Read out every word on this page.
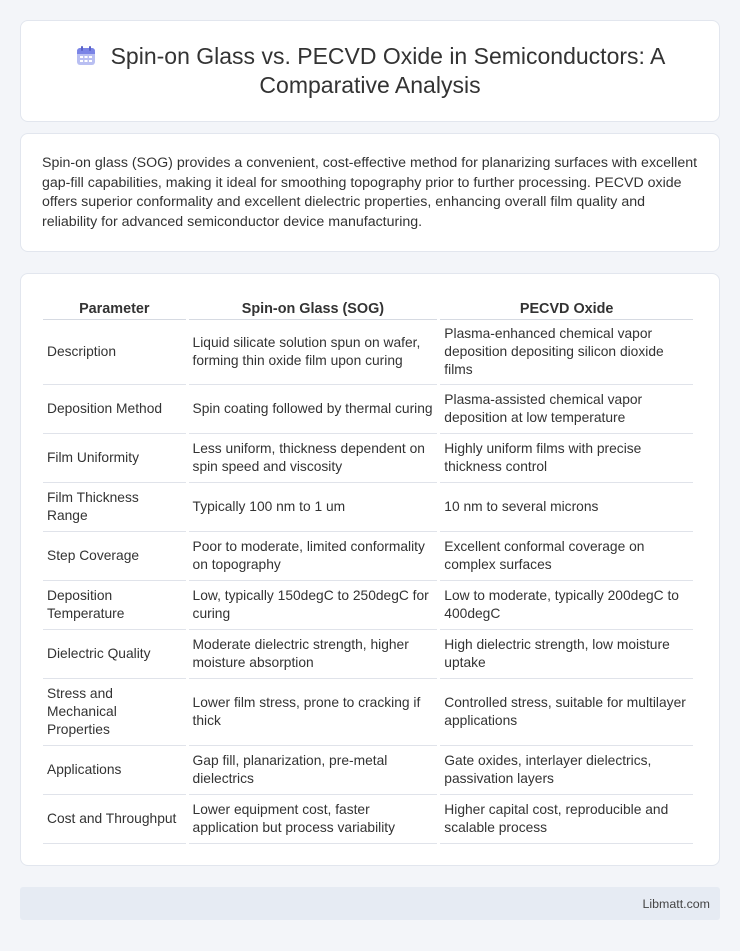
Spin-on Glass vs. PECVD Oxide in Semiconductors: A Comparative Analysis

Spin-on glass (SOG) provides a convenient, cost-effective method for planarizing surfaces with excellent gap-fill capabilities, making it ideal for smoothing topography prior to further processing. PECVD oxide offers superior conformality and excellent dielectric properties, enhancing overall film quality and reliability for advanced semiconductor device manufacturing.

Parameter	Spin-on Glass (SOG)	PECVD Oxide
Description	Liquid silicate solution spun on wafer, forming thin oxide film upon curing	Plasma-enhanced chemical vapor deposition depositing silicon dioxide films
Deposition Method	Spin coating followed by thermal curing	Plasma-assisted chemical vapor deposition at low temperature
Film Uniformity	Less uniform, thickness dependent on spin speed and viscosity	Highly uniform films with precise thickness control
Film Thickness Range	Typically 100 nm to 1 um	10 nm to several microns
Step Coverage	Poor to moderate, limited conformality on topography	Excellent conformal coverage on complex surfaces
Deposition Temperature	Low, typically 150degC to 250degC for curing	Low to moderate, typically 200degC to 400degC
Dielectric Quality	Moderate dielectric strength, higher moisture absorption	High dielectric strength, low moisture uptake
Stress and Mechanical Properties	Lower film stress, prone to cracking if thick	Controlled stress, suitable for multilayer applications
Applications	Gap fill, planarization, pre-metal dielectrics	Gate oxides, interlayer dielectrics, passivation layers
Cost and Throughput	Lower equipment cost, faster application but process variability	Higher capital cost, reproducible and scalable process
Libmatt.com
